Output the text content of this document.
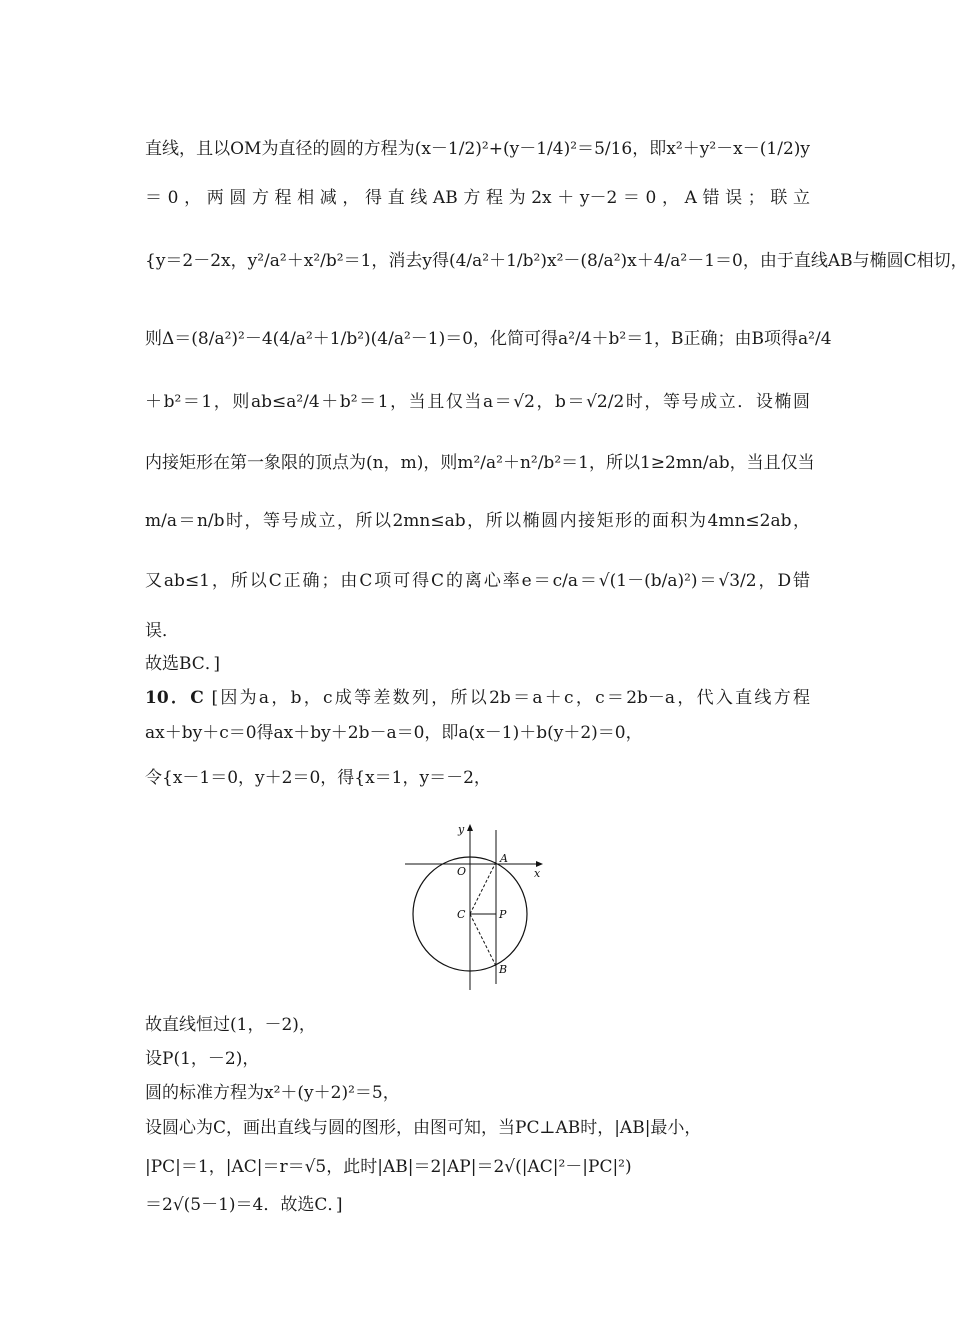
直线，且以OM为直径的圆的方程为(x－1/2)²+(y－1/4)²＝5/16，即x²＋y²－x－(1/2)y
＝0，两圆方程相减，得直线AB方程为2x＋y－2＝0，A错误；联立
{y＝2－2x，y²/a²＋x²/b²＝1，消去y得(4/a²＋1/b²)x²－(8/a²)x＋4/a²－1＝0，由于直线AB与椭圆C相切，
则Δ＝(8/a²)²－4(4/a²＋1/b²)(4/a²－1)＝0，化简可得a²/4＋b²＝1，B正确；由B项得a²/4
＋b²＝1，则ab≤a²/4＋b²＝1，当且仅当a＝√2，b＝√2/2时，等号成立．设椭圆
内接矩形在第一象限的顶点为(n，m)，则m²/a²＋n²/b²＝1，所以1≥2mn/ab，当且仅当
m/a＝n/b时，等号成立，所以2mn≤ab，所以椭圆内接矩形的面积为4mn≤2ab，
又ab≤1，所以C正确；由C项可得C的离心率e＝c/a＝√(1－(b/a)²)＝√3/2，D错
误．
故选BC．]
10．C [因为a，b，c成等差数列，所以2b＝a＋c，c＝2b－a，代入直线方程
ax＋by＋c＝0得ax＋by＋2b－a＝0，即a(x－1)＋b(y＋2)＝0，
令{x－1＝0，y＋2＝0，得{x＝1，y＝－2，
y
x
O
A
C	P
B
故直线恒过(1，－2)，
设P(1，－2)，
圆的标准方程为x²＋(y＋2)²＝5，
设圆心为C，画出直线与圆的图形，由图可知，当PC⊥AB时，|AB|最小，
|PC|＝1，|AC|＝r＝√5，此时|AB|＝2|AP|＝2√(|AC|²－|PC|²)
＝2√(5－1)＝4．故选C．]
